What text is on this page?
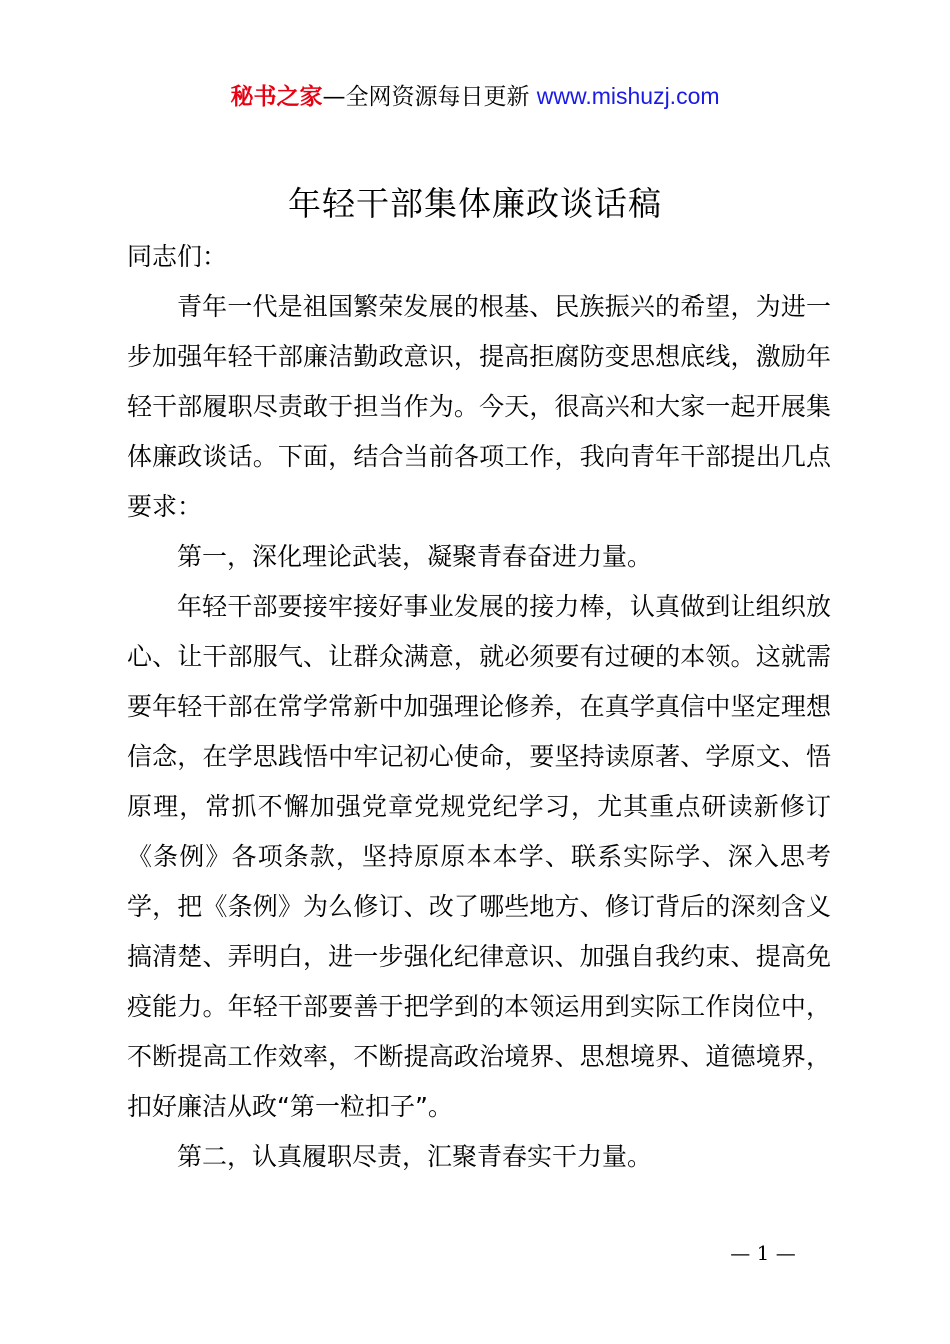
秘书之家—全网资源每日更新 www.mishuzj.com
年轻干部集体廉政谈话稿

同志们：

青年一代是祖国繁荣发展的根基、民族振兴的希望，为进一步加强年轻干部廉洁勤政意识，提高拒腐防变思想底线，激励年轻干部履职尽责敢于担当作为。今天，很高兴和大家一起开展集体廉政谈话。下面，结合当前各项工作，我向青年干部提出几点要求：

第一，深化理论武装，凝聚青春奋进力量。

年轻干部要接牢接好事业发展的接力棒，认真做到让组织放心、让干部服气、让群众满意，就必须要有过硬的本领。这就需要年轻干部在常学常新中加强理论修养，在真学真信中坚定理想信念，在学思践悟中牢记初心使命，要坚持读原著、学原文、悟原理，常抓不懈加强党章党规党纪学习，尤其重点研读新修订《条例》各项条款，坚持原原本本学、联系实际学、深入思考学，把《条例》为么修订、改了哪些地方、修订背后的深刻含义搞清楚、弄明白，进一步强化纪律意识、加强自我约束、提高免疫能力。年轻干部要善于把学到的本领运用到实际工作岗位中，不断提高工作效率，不断提高政治境界、思想境界、道德境界，扣好廉洁从政“第一粒扣子”。

第二，认真履职尽责，汇聚青春实干力量。

— 1 —
